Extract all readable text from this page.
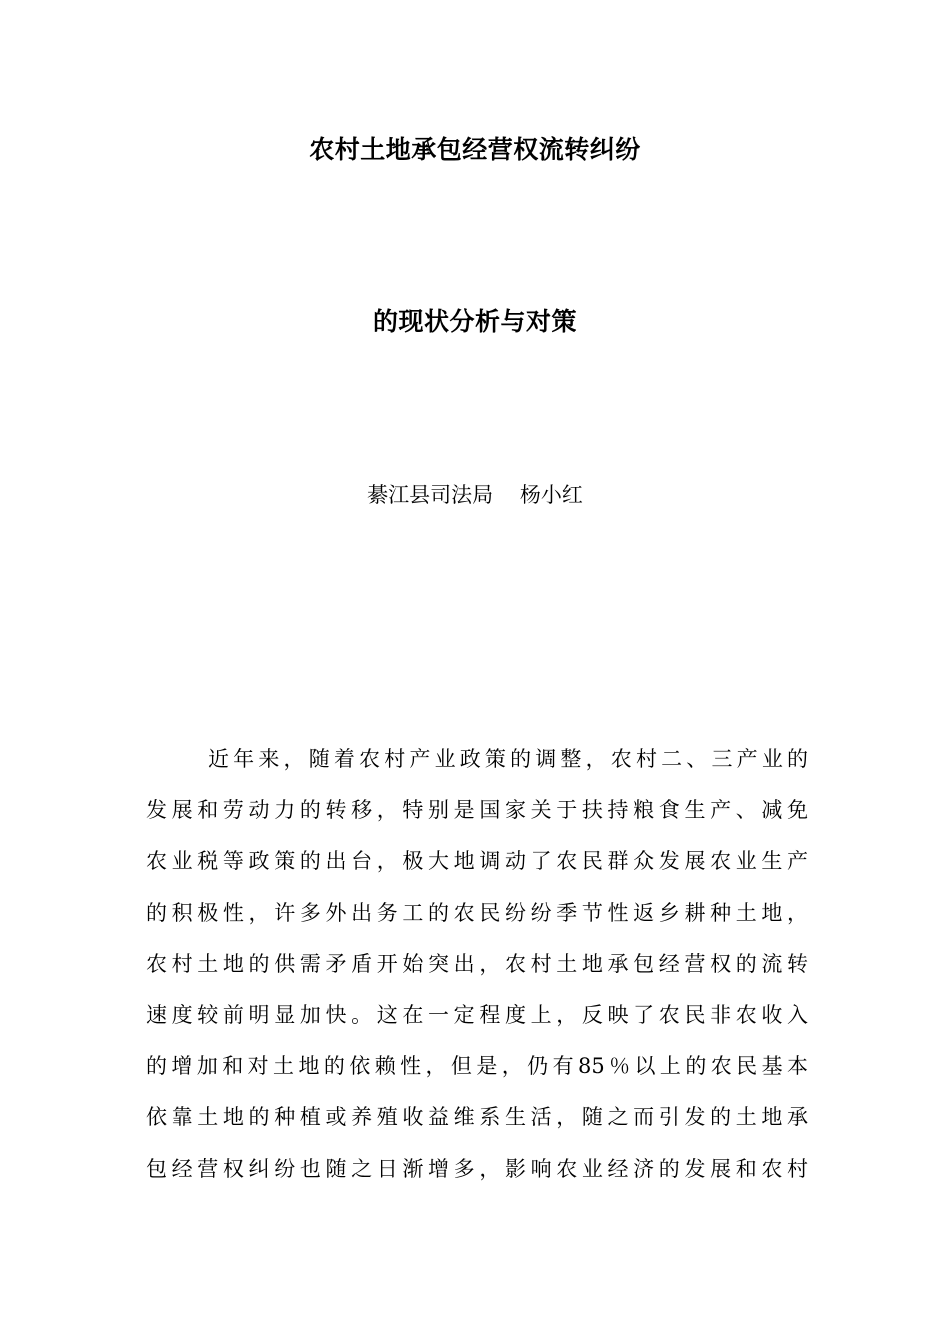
农村土地承包经营权流转纠纷
的现状分析与对策
綦江县司法局    杨小红
近年来，随着农村产业政策的调整，农村二、三产业的
发展和劳动力的转移，特别是国家关于扶持粮食生产、减免
农业税等政策的出台，极大地调动了农民群众发展农业生产
的积极性，许多外出务工的农民纷纷季节性返乡耕种土地，
农村土地的供需矛盾开始突出，农村土地承包经营权的流转
速度较前明显加快。这在一定程度上，反映了农民非农收入
的增加和对土地的依赖性，但是，仍有85％以上的农民基本
依靠土地的种植或养殖收益维系生活，随之而引发的土地承
包经营权纠纷也随之日渐增多，影响农业经济的发展和农村
